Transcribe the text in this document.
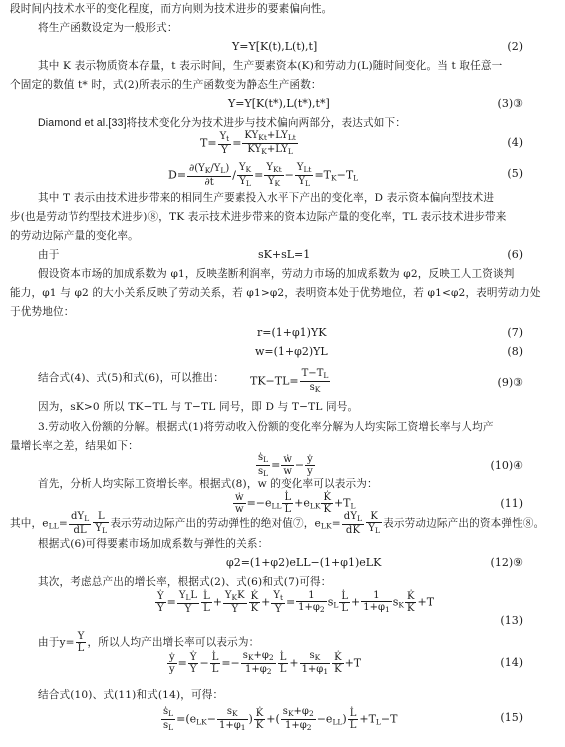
段时间内技术水平的变化程度，而方向则为技术进步的要素偏向性。
将生产函数设定为一般形式：
Y=Y[K(t),L(t),t]	(2)
其中 K 表示物质资本存量，t 表示时间，生产要素资本(K)和劳动力(L)随时间变化。当 t 取任意一
个固定的数值 t* 时，式(2)所表示的生产函数变为静态生产函数：
Y=Y[K(t*),L(t*),t*]	(3)③
Diamond et al.[33]将技术变化分为技术进步与技术偏向两部分，表达式如下：
$T= \frac{Y_t}{Y} = \frac{KY_{Kt}+LY_{Lt}}{KY_K+LY_L}$	(4)
$D= \frac{\partial(Y_K/Y_L)}{\partial t} / \frac{Y_K}{Y_L} = \frac{Y_{Kt}}{Y_K} - \frac{Y_{Lt}}{Y_L} =T_K-T_L$	(5)
其中 T 表示由技术进步带来的相同生产要素投入水平下产出的变化率，D 表示资本偏向型技术进
步(也是劳动节约型技术进步)⑧，TK 表示技术进步带来的资本边际产量的变化率，TL 表示技术进步带来
的劳动边际产量的变化率。
由于	sK+sL=1	(6)
假设资本市场的加成系数为 φ1，反映垄断利润率，劳动力市场的加成系数为 φ2，反映工人工资谈判
能力，φ1 与 φ2 的大小关系反映了劳动关系，若 φ1>φ2，表明资本处于优势地位，若 φ1<φ2，表明劳动力处
于优势地位：
r=(1+φ1)YK	(7)
w=(1+φ2)YL	(8)
结合式(4)、式(5)和式(6)，可以推出： $TK-TL= \frac{T-T_L}{s_K}$	(9)③
因为，sK>0 所以 TK−TL 与 T−TL 同号，即 D 与 T−TL 同号。
3.劳动收入份额的分解。根据式(1)将劳动收入份额的变化率分解为人均实际工资增长率与人均产
量增长率之差，结果如下：
$\frac{ṡ_L}{s_L} = \frac{\text{ẇ}}{w} - \frac{\text{ẏ}}{y}$	(10)④
首先，分析人均实际工资增长率。根据式(8)，w 的变化率可以表示为：
$\frac{\text{ẇ}}{w} =-e_{LL} \frac{L̇}{L} +e_{LK} \frac{K̇}{K} +T_L$	(11)
其中，$e_{LL}= \frac{dY_L}{dL} \frac{L}{Y_L}$ 表示劳动边际产出的劳动弹性的绝对值⑦，$e_{LK}= \frac{dY_L}{dK} \frac{K}{Y_L}$ 表示劳动边际产出的资本弹性⑧。
根据式(6)可得要素市场加成系数与弹性的关系：
φ2=(1+φ2)eLL−(1+φ1)eLK	(12)⑨
其次，考虑总产出的增长率，根据式(2)、式(6)和式(7)可得：
$\frac{\text{Ẏ}}{Y} = \frac{Y_LL}{Y} \frac{L̇}{L} + \frac{Y_KK}{Y} \frac{K̇}{K} + \frac{Y_t}{Y} = \frac{1}{1+\varphi_2} s_L \frac{L̇}{L} + \frac{1}{1+\varphi_1} s_K \frac{K̇}{K} +T$
(13)
由于$y= \frac{Y}{L}$ ，所以人均产出增长率可以表示为：
$\frac{\text{ẏ}}{y} = \frac{\text{Ẏ}}{Y} - \frac{L̇}{L} =- \frac{s_K+\varphi_2}{1+\varphi_2} \frac{L̇}{L} + \frac{s_K}{1+\varphi_1} \frac{K̇}{K} +T$	(14)
结合式(10)、式(11)和式(14)，可得：
$\frac{ṡ_L}{s_L} =(e_{LK}- \frac{s_K}{1+\varphi_1}$ ) $\frac{K̇}{K}$ +( $\frac{s_K+\varphi_2}{1+\varphi_2} -e_{LL}) \frac{L̇}{L} +T_L-T$	(15)
